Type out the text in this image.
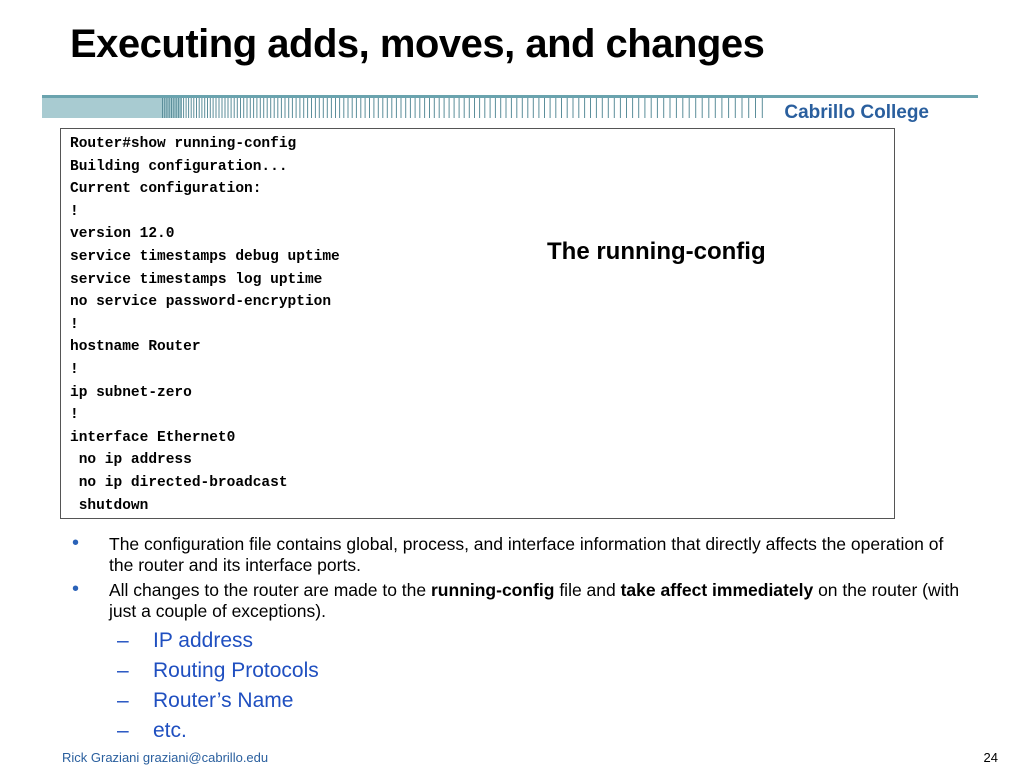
Executing adds, moves, and changes
Cabrillo College
Router#show running-config
Building configuration...
Current configuration:
!
version 12.0
service timestamps debug uptime
service timestamps log uptime
no service password-encryption
!
hostname Router
!
ip subnet-zero
!
interface Ethernet0
no ip address
no ip directed-broadcast
shutdown
The running-config
• The configuration file contains global, process, and interface information that directly affects the operation of the router and its interface ports.
• All changes to the router are made to the running-config file and take affect immediately on the router (with just a couple of exceptions).
– IP address
– Routing Protocols
– Router’s Name
– etc.
Rick Graziani graziani@cabrillo.edu	24
